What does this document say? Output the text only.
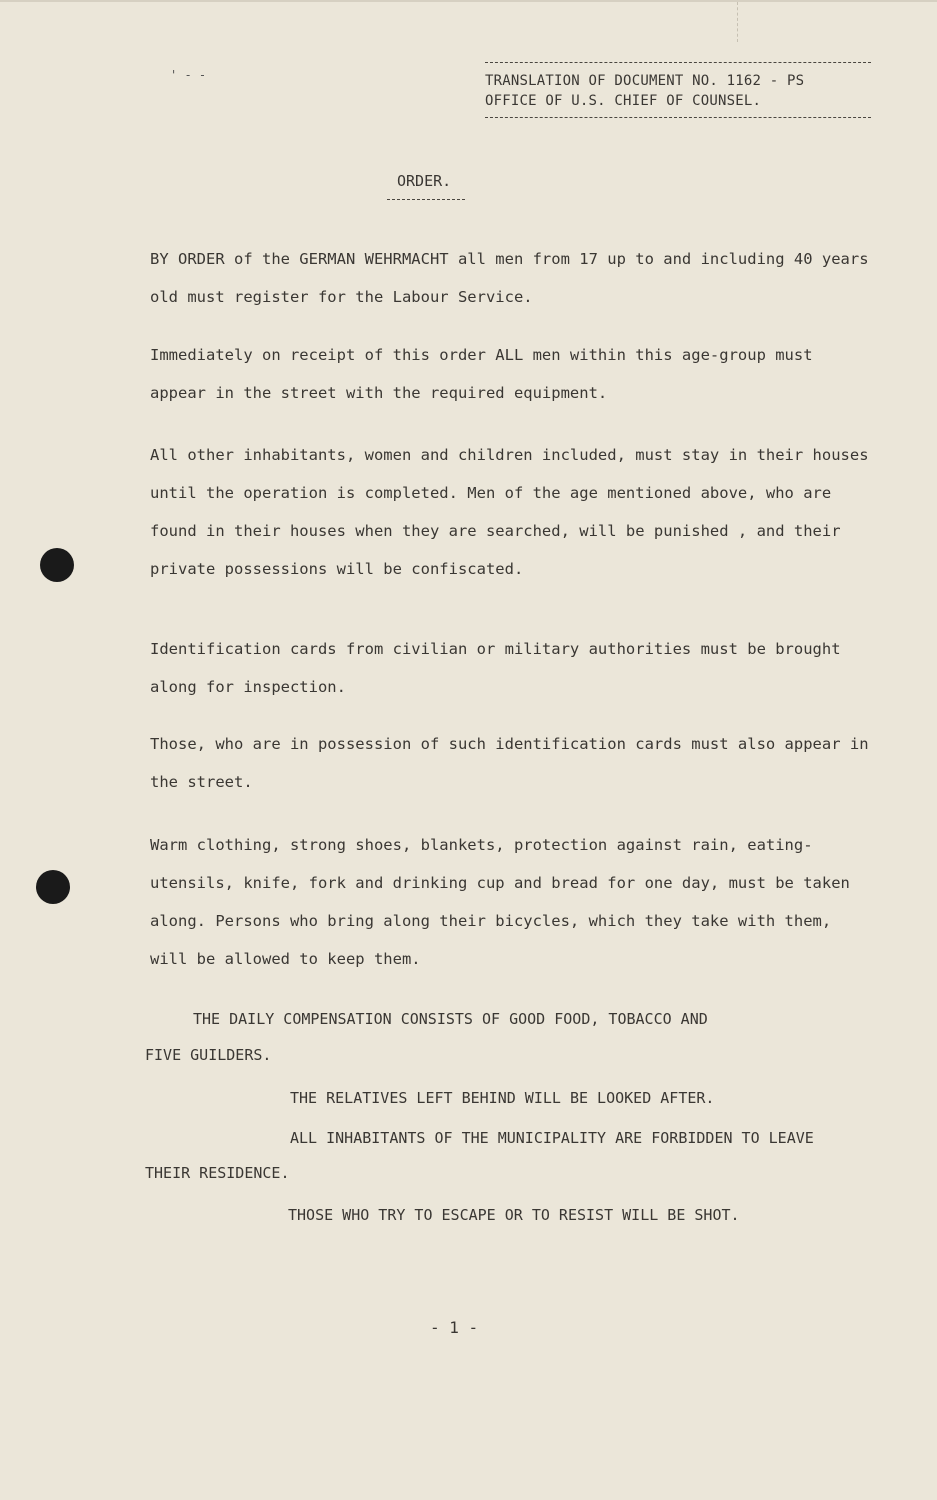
' - -	TRANSLATION OF DOCUMENT NO. 1162 - PS
OFFICE OF U.S. CHIEF OF COUNSEL.
ORDER.

BY ORDER of the GERMAN WEHRMACHT all men from 17 up to and including 40 years old must register for the Labour Service.

Immediately on receipt of this order ALL men within this age-group must appear in the street with the required equipment.

All other inhabitants, women and children included, must stay in their houses until the operation is completed. Men of the age mentioned above, who are found in their houses when they are searched, will be punished , and their private possessions will be confiscated.

Identification cards from civilian or military authorities must be brought along for inspection.

Those, who are in possession of such identification cards must also appear in the street.

Warm clothing, strong shoes, blankets, protection against rain, eating-utensils, knife, fork and drinking cup and bread for one day, must be taken along. Persons who bring along their bicycles, which they take with them, will be allowed to keep them.

THE DAILY COMPENSATION CONSISTS OF GOOD FOOD, TOBACCO AND
FIVE GUILDERS.
THE RELATIVES LEFT BEHIND WILL BE LOOKED AFTER.
ALL INHABITANTS OF THE MUNICIPALITY ARE FORBIDDEN TO LEAVE
THEIR RESIDENCE.
THOSE WHO TRY TO ESCAPE OR TO RESIST WILL BE SHOT.
- 1 -
